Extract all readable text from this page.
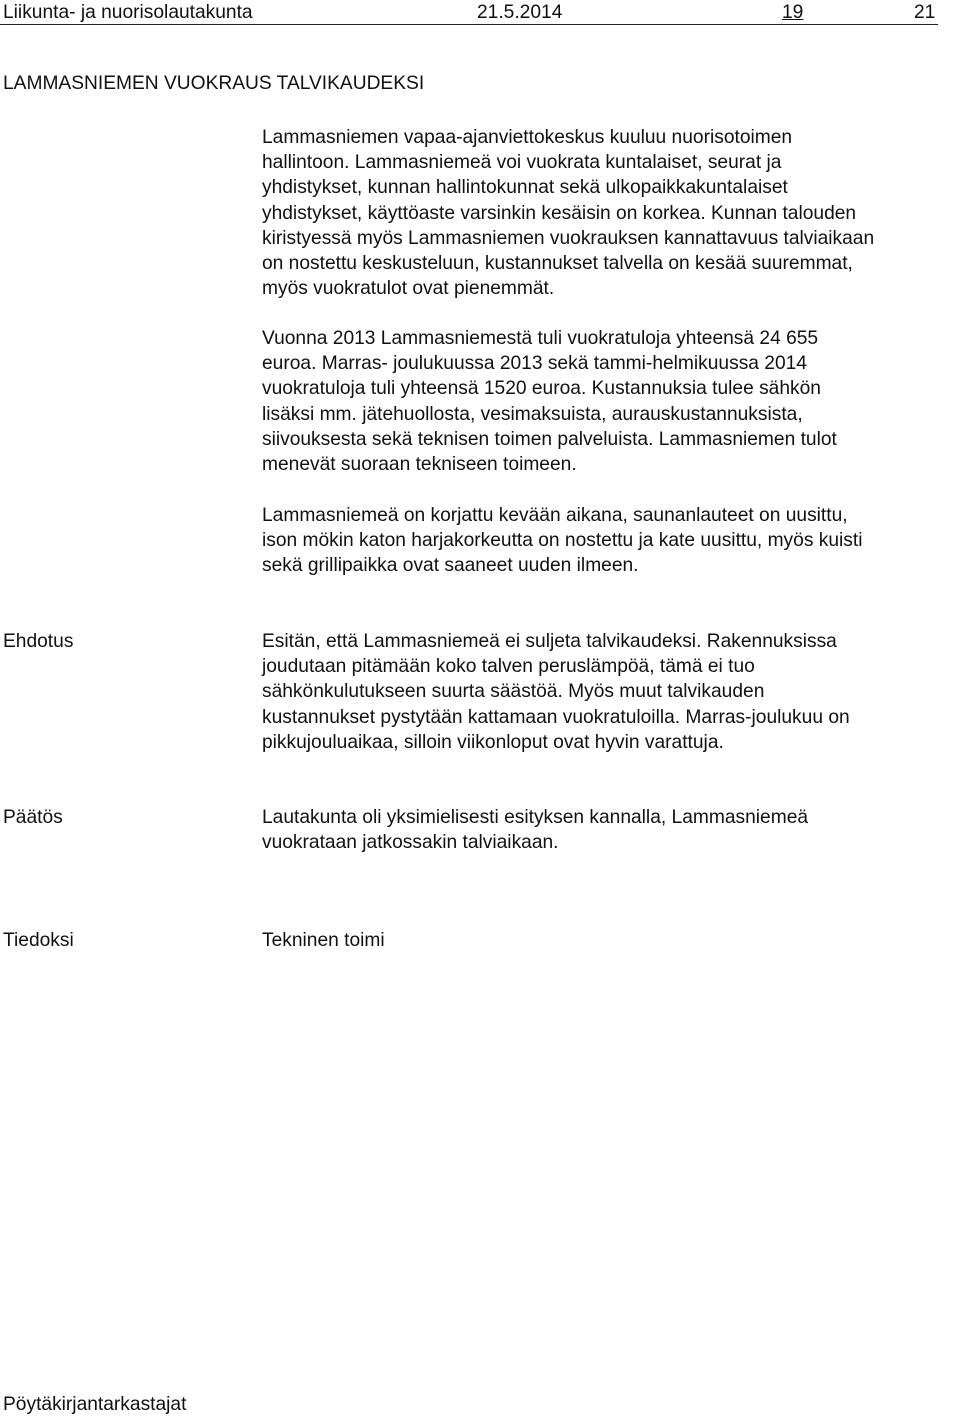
Liikunta- ja nuorisolautakunta	21.5.2014	19	21
LAMMASNIEMEN VUOKRAUS TALVIKAUDEKSI
Lammasniemen vapaa-ajanviettokeskus kuuluu nuorisotoimen
hallintoon. Lammasniemeä voi vuokrata kuntalaiset, seurat ja
yhdistykset, kunnan hallintokunnat sekä ulkopaikkakuntalaiset
yhdistykset, käyttöaste varsinkin kesäisin on korkea. Kunnan talouden
kiristyessä myös Lammasniemen vuokrauksen kannattavuus talviaikaan
on nostettu keskusteluun, kustannukset talvella on kesää suuremmat,
myös vuokratulot ovat pienemmät.
Vuonna 2013 Lammasniemestä tuli vuokratuloja yhteensä 24 655
euroa. Marras- joulukuussa 2013 sekä tammi-helmikuussa 2014
vuokratuloja tuli yhteensä 1520 euroa. Kustannuksia tulee sähkön
lisäksi mm. jätehuollosta, vesimaksuista, aurauskustannuksista,
siivouksesta sekä teknisen toimen palveluista. Lammasniemen tulot
menevät suoraan tekniseen toimeen.
Lammasniemeä on korjattu kevään aikana, saunanlauteet on uusittu,
ison mökin katon harjakorkeutta on nostettu ja kate uusittu, myös kuisti
sekä grillipaikka ovat saaneet uuden ilmeen.
Ehdotus	Esitän, että Lammasniemeä ei suljeta talvikaudeksi. Rakennuksissa
joudutaan pitämään koko talven peruslämpöä, tämä ei tuo
sähkönkulutukseen suurta säästöä. Myös muut talvikauden
kustannukset pystytään kattamaan vuokratuloilla. Marras-joulukuu on
pikkujouluaikaa, silloin viikonloput ovat hyvin varattuja.
Päätös	Lautakunta oli yksimielisesti esityksen kannalla, Lammasniemeä
vuokrataan jatkossakin talviaikaan.
Tiedoksi	Tekninen toimi
Pöytäkirjantarkastajat
